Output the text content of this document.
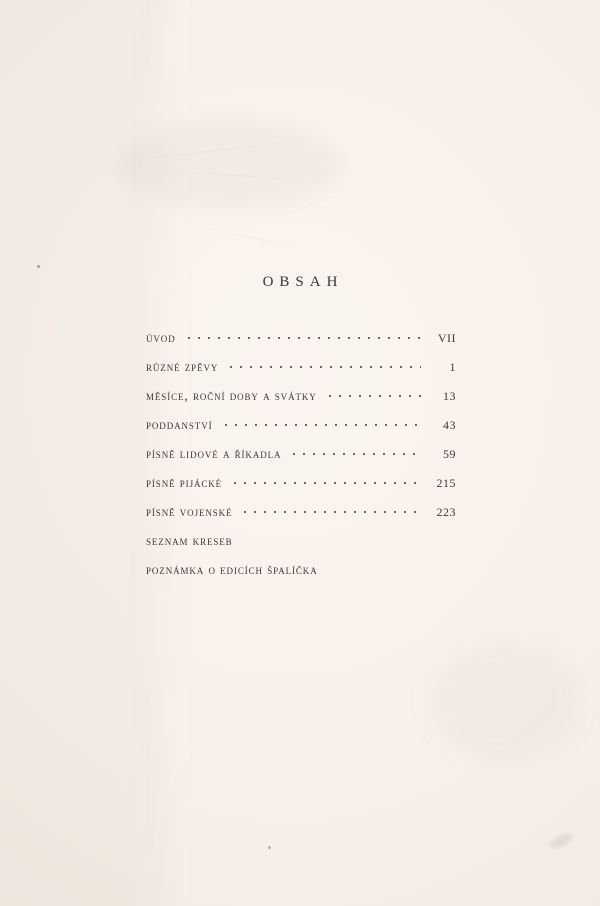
OBSAH
úvod	VII
různé zpěvy	1
měsíce, roční doby a svátky	13
poddanství	43
písně lidové a říkadla	59
písně pijácké	215
písně vojenské	223
seznam kreseb
poznámka o edicích špalíčka
